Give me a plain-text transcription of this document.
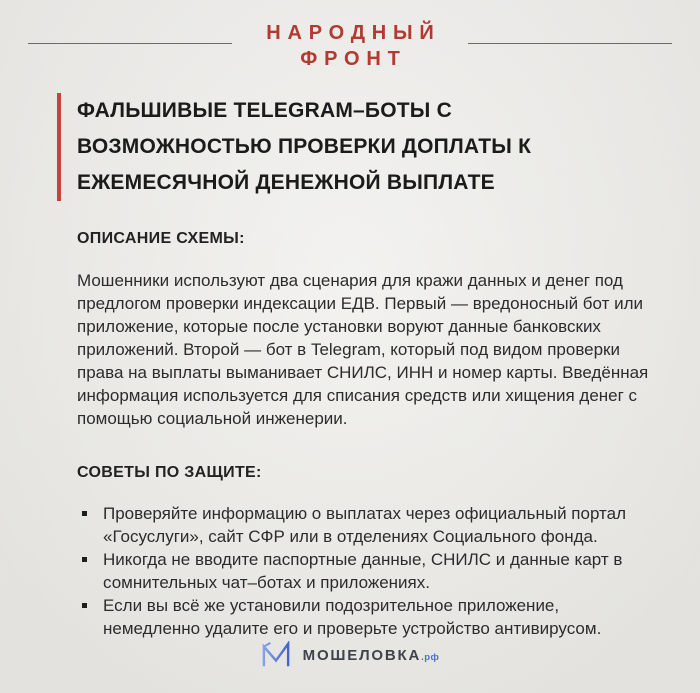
НАРОДНЫЙ
ФРОНТ
ФАЛЬШИВЫЕ TELEGRAM–БОТЫ С ВОЗМОЖНОСТЬЮ ПРОВЕРКИ ДОПЛАТЫ К ЕЖЕМЕСЯЧНОЙ ДЕНЕЖНОЙ ВЫПЛАТЕ
ОПИСАНИЕ СХЕМЫ:

Мошенники используют два сценария для кражи данных и денег под предлогом проверки индексации ЕДВ. Первый — вредоносный бот или приложение, которые после установки воруют данные банковских приложений. Второй — бот в Telegram, который под видом проверки права на выплаты выманивает СНИЛС, ИНН и номер карты. Введённая информация используется для списания средств или хищения денег с помощью социальной инженерии.

СОВЕТЫ ПО ЗАЩИТЕ:
Проверяйте информацию о выплатах через официальный портал «Госуслуги», сайт СФР или в отделениях Социального фонда.
Никогда не вводите паспортные данные, СНИЛС и данные карт в сомнительных чат–ботах и приложениях.
Если вы всё же установили подозрительное приложение, немедленно удалите его и проверьте устройство антивирусом.
МОШЕЛОВКА.рф
